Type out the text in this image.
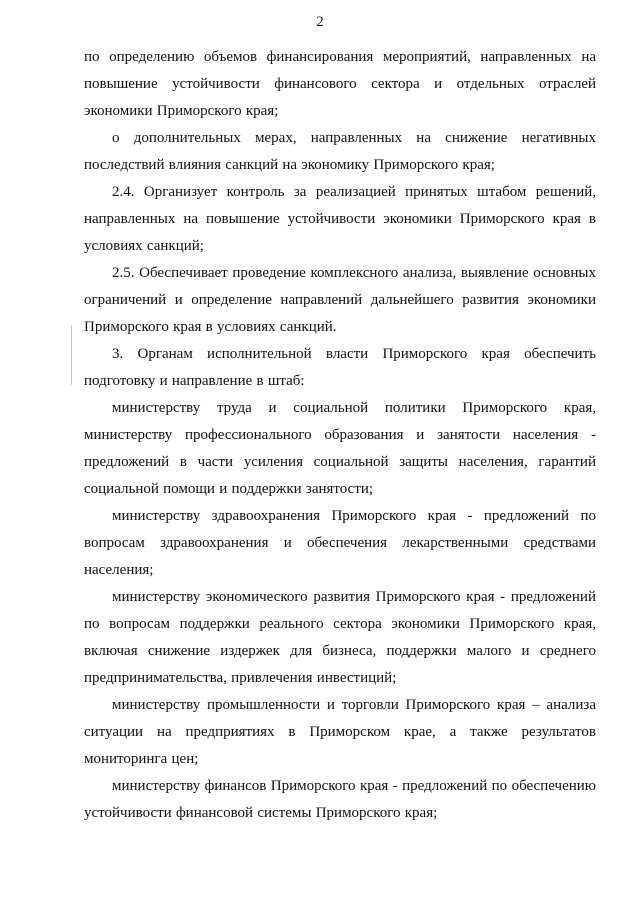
2

по определению объемов финансирования мероприятий, направленных на повышение устойчивости финансового сектора и отдельных отраслей экономики Приморского края;

о дополнительных мерах, направленных на снижение негативных последствий влияния санкций на экономику Приморского края;

2.4. Организует контроль за реализацией принятых штабом решений, направленных на повышение устойчивости экономики Приморского края в условиях санкций;

2.5. Обеспечивает проведение комплексного анализа, выявление основных ограничений и определение направлений дальнейшего развития экономики Приморского края в условиях санкций.

3. Органам исполнительной власти Приморского края обеспечить подготовку и направление в штаб:

министерству труда и социальной политики Приморского края, министерству профессионального образования и занятости населения - предложений в части усиления социальной защиты населения, гарантий социальной помощи и поддержки занятости;

министерству здравоохранения Приморского края - предложений по вопросам здравоохранения и обеспечения лекарственными средствами населения;

министерству экономического развития Приморского края - предложений по вопросам поддержки реального сектора экономики Приморского края, включая снижение издержек для бизнеса, поддержки малого и среднего предпринимательства, привлечения инвестиций;

министерству промышленности и торговли Приморского края – анализа ситуации на предприятиях в Приморском крае, а также результатов мониторинга цен;

министерству финансов Приморского края - предложений по обеспечению устойчивости финансовой системы Приморского края;
